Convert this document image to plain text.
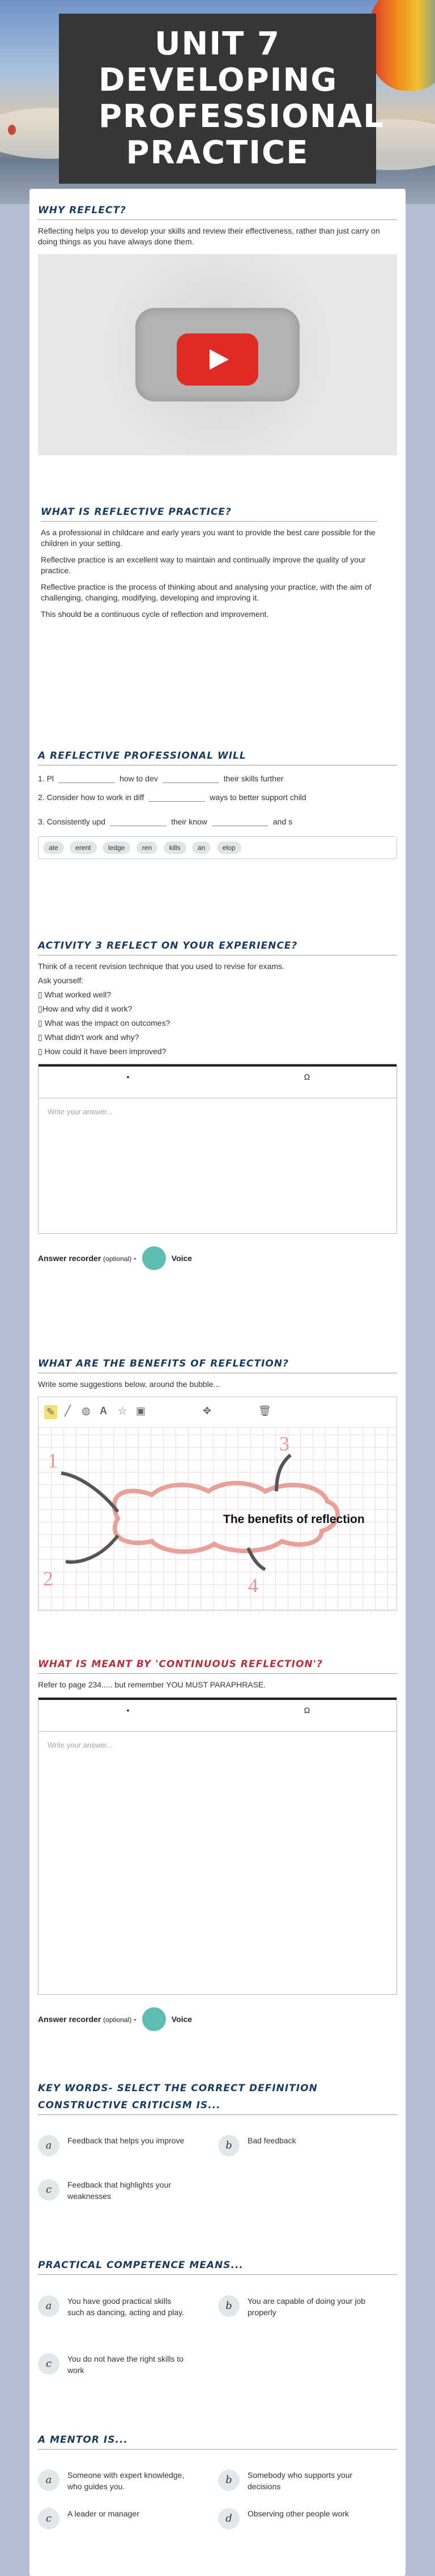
UNIT 7 DEVELOPING PROFESSIONAL PRACTICE
WHY REFLECT?

Reflecting helps you to develop your skills and review their effectiveness, rather than just carry on doing things as you have always done them.

WHAT IS REFLECTIVE PRACTICE?

As a professional in childcare and early years you want to provide the best care possible for the children in your setting.

Reflective practice is an excellent way to maintain and continually improve the quality of your practice.

Reflective practice is the process of thinking about and analysing your practice, with the aim of challenging, changing, modifying, developing and improving it.

This should be a continuous cycle of reflection and improvement.

A REFLECTIVE PROFESSIONAL WILL

1. Pl	how to dev	their skills further

2. Consider how to work in diff	ways to better support child

3. Consistently upd	their know	and s

ate	erent	ledge	ren	kills	an	elop
ACTIVITY 3 REFLECT ON YOUR EXPERIENCE?

Think of a recent revision technique that you used to revise for exams.

Ask yourself:

▯ What worked well?

▯How and why did it work?

▯ What was the impact on outcomes?

▯ What didn't work and why?

▯ How could it have been improved?

•	Ω
Write your answer...
Answer recorder (optional) -	Voice
WHAT ARE THE BENEFITS OF REFLECTION?

Write some suggestions below, around the bubble...

✎ ╱ ◍ A ☆ ▣	✥	🗑
1
2
3
4
The benefits of reflection
WHAT IS MEANT BY 'CONTINUOUS REFLECTION'?

Refer to page 234..... but remember YOU MUST PARAPHRASE.

•	Ω
Write your answer...
Answer recorder (optional) -	Voice
KEY WORDS- SELECT THE CORRECT DEFINITION
CONSTRUCTIVE CRITICISM IS...
a	Feedback that helps you improve	b	Bad feedback
c	Feedback that highlights your weaknesses
PRACTICAL COMPETENCE MEANS...
a	You have good practical skills such as dancing, acting and play.
b	You are capable of doing your job properly
c	You do not have the right skills to work
A MENTOR IS...
a	Someone with expert knowledge, who guides you.
b	Somebody who supports your decisions
c	A leader or manager	d	Observing other people work
